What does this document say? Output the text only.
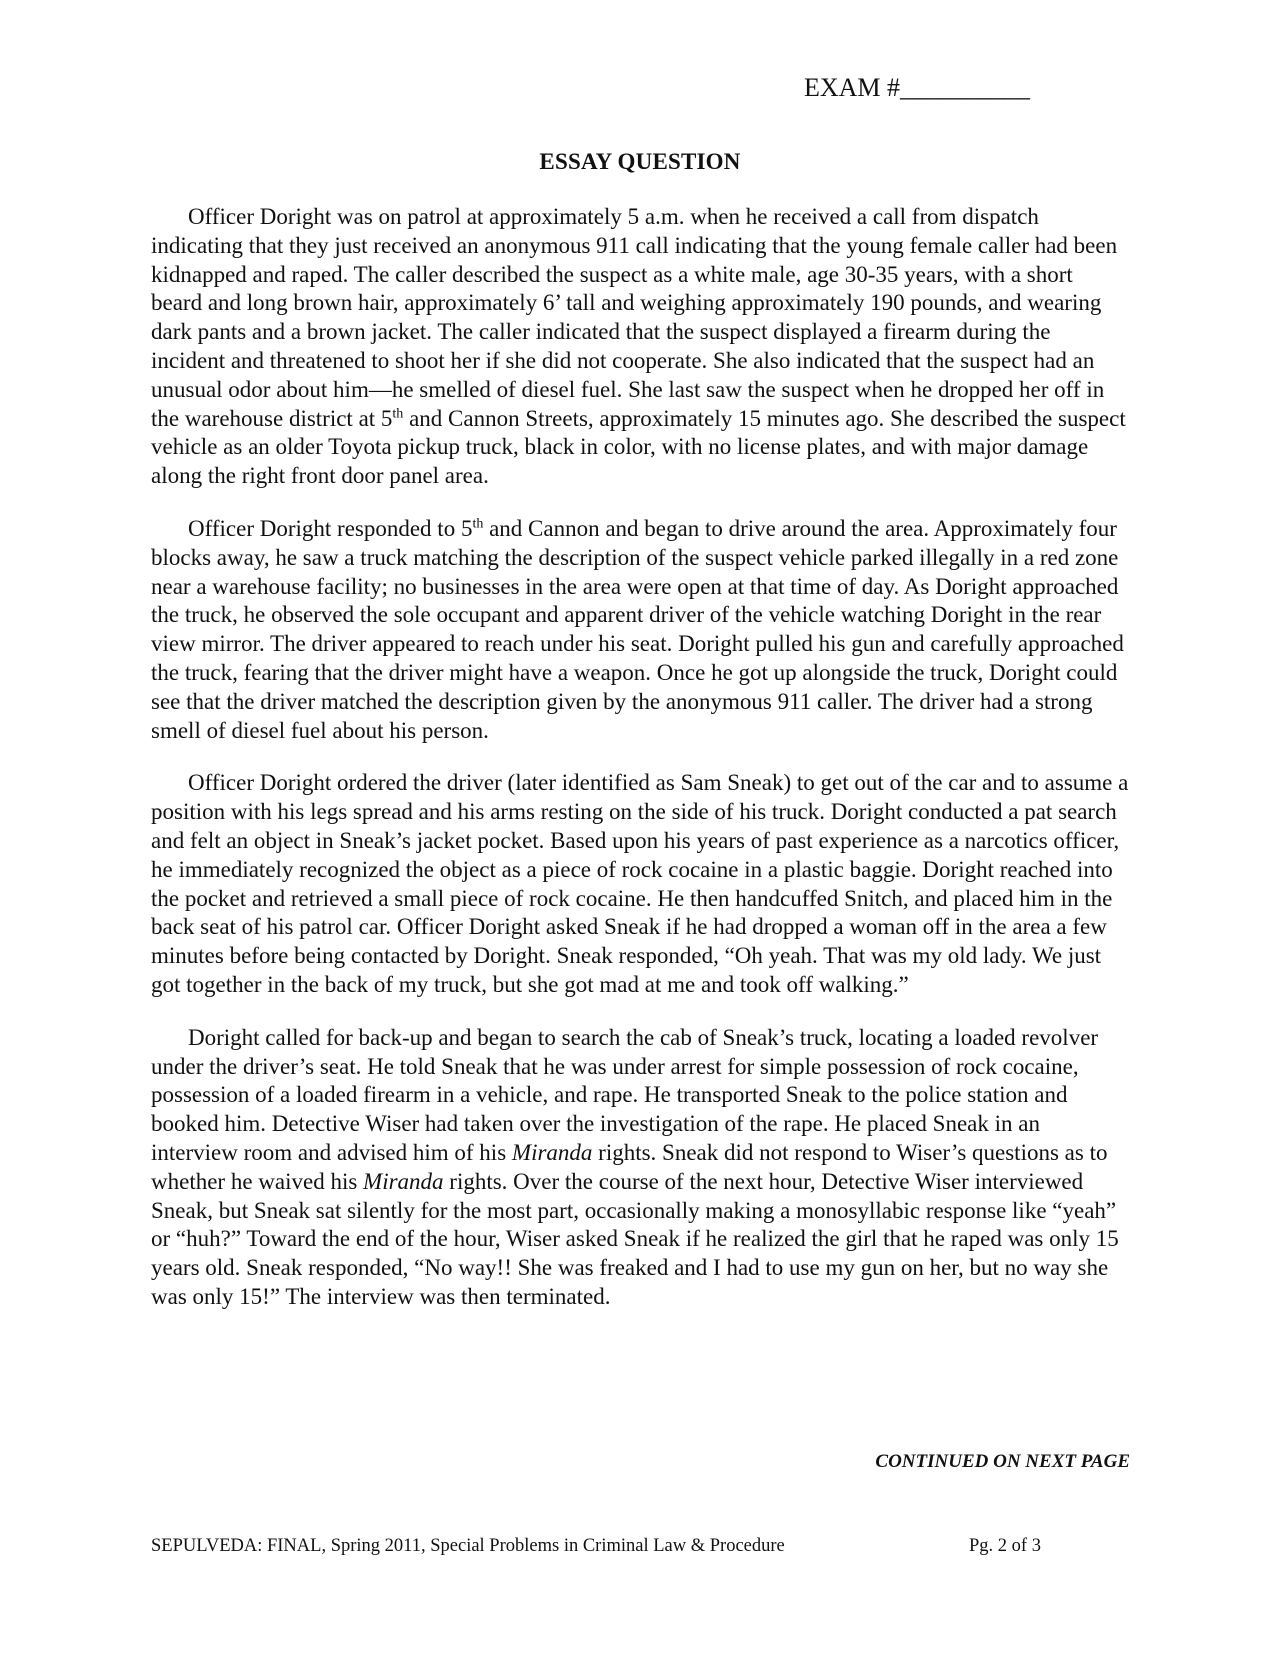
EXAM #__________
ESSAY QUESTION

Officer Doright was on patrol at approximately 5 a.m. when he received a call from dispatch indicating that they just received an anonymous 911 call indicating that the young female caller had been kidnapped and raped. The caller described the suspect as a white male, age 30-35 years, with a short beard and long brown hair, approximately 6’ tall and weighing approximately 190 pounds, and wearing dark pants and a brown jacket. The caller indicated that the suspect displayed a firearm during the incident and threatened to shoot her if she did not cooperate. She also indicated that the suspect had an unusual odor about him—he smelled of diesel fuel. She last saw the suspect when he dropped her off in the warehouse district at 5th and Cannon Streets, approximately 15 minutes ago. She described the suspect vehicle as an older Toyota pickup truck, black in color, with no license plates, and with major damage along the right front door panel area.

Officer Doright responded to 5th and Cannon and began to drive around the area. Approximately four blocks away, he saw a truck matching the description of the suspect vehicle parked illegally in a red zone near a warehouse facility; no businesses in the area were open at that time of day. As Doright approached the truck, he observed the sole occupant and apparent driver of the vehicle watching Doright in the rear view mirror. The driver appeared to reach under his seat. Doright pulled his gun and carefully approached the truck, fearing that the driver might have a weapon. Once he got up alongside the truck, Doright could see that the driver matched the description given by the anonymous 911 caller. The driver had a strong smell of diesel fuel about his person.

Officer Doright ordered the driver (later identified as Sam Sneak) to get out of the car and to assume a position with his legs spread and his arms resting on the side of his truck. Doright conducted a pat search and felt an object in Sneak’s jacket pocket. Based upon his years of past experience as a narcotics officer, he immediately recognized the object as a piece of rock cocaine in a plastic baggie. Doright reached into the pocket and retrieved a small piece of rock cocaine. He then handcuffed Snitch, and placed him in the back seat of his patrol car. Officer Doright asked Sneak if he had dropped a woman off in the area a few minutes before being contacted by Doright. Sneak responded, “Oh yeah. That was my old lady. We just got together in the back of my truck, but she got mad at me and took off walking.”

Doright called for back-up and began to search the cab of Sneak’s truck, locating a loaded revolver under the driver’s seat. He told Sneak that he was under arrest for simple possession of rock cocaine, possession of a loaded firearm in a vehicle, and rape. He transported Sneak to the police station and booked him. Detective Wiser had taken over the investigation of the rape. He placed Sneak in an interview room and advised him of his Miranda rights. Sneak did not respond to Wiser’s questions as to whether he waived his Miranda rights. Over the course of the next hour, Detective Wiser interviewed Sneak, but Sneak sat silently for the most part, occasionally making a monosyllabic response like “yeah” or “huh?” Toward the end of the hour, Wiser asked Sneak if he realized the girl that he raped was only 15 years old. Sneak responded, “No way!! She was freaked and I had to use my gun on her, but no way she was only 15!” The interview was then terminated.

CONTINUED ON NEXT PAGE
SEPULVEDA: FINAL, Spring 2011, Special Problems in Criminal Law & Procedure	Pg. 2 of 3
